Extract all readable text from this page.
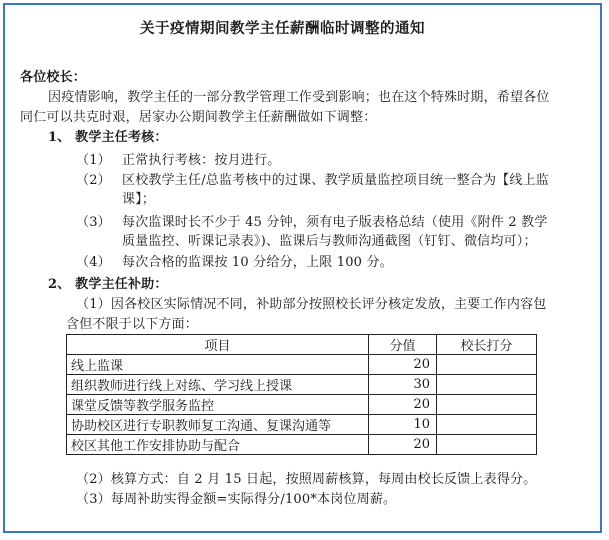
关于疫情期间教学主任薪酬临时调整的通知
各位校长：
因疫情影响，教学主任的一部分教学管理工作受到影响；也在这个特殊时期，希望各位
同仁可以共克时艰，居家办公期间教学主任薪酬做如下调整：
1、 教学主任考核：
（1） 正常执行考核：按月进行。
（2） 区校教学主任/总监考核中的过课、教学质量监控项目统一整合为【线上监
课】；
（3） 每次监课时长不少于 45 分钟，须有电子版表格总结（使用《附件 2 教学
质量监控、听课记录表》)、监课后与教师沟通截图（钉钉、微信均可）；
（4） 每次合格的监课按 10 分给分，上限 100 分。
2、 教学主任补助：
（1）因各校区实际情况不同，补助部分按照校长评分核定发放，主要工作内容包
含但不限于以下方面：
项目	分值	校长打分
线上监课	20	
组织教师进行线上对练、学习线上授课	30	
课堂反馈等教学服务监控	20	
协助校区进行专职教师复工沟通、复课沟通等	10	
校区其他工作安排协助与配合	20	
（2）核算方式：自 2 月 15 日起，按照周薪核算，每周由校长反馈上表得分。
（3）每周补助实得金额=实际得分/100*本岗位周薪。
